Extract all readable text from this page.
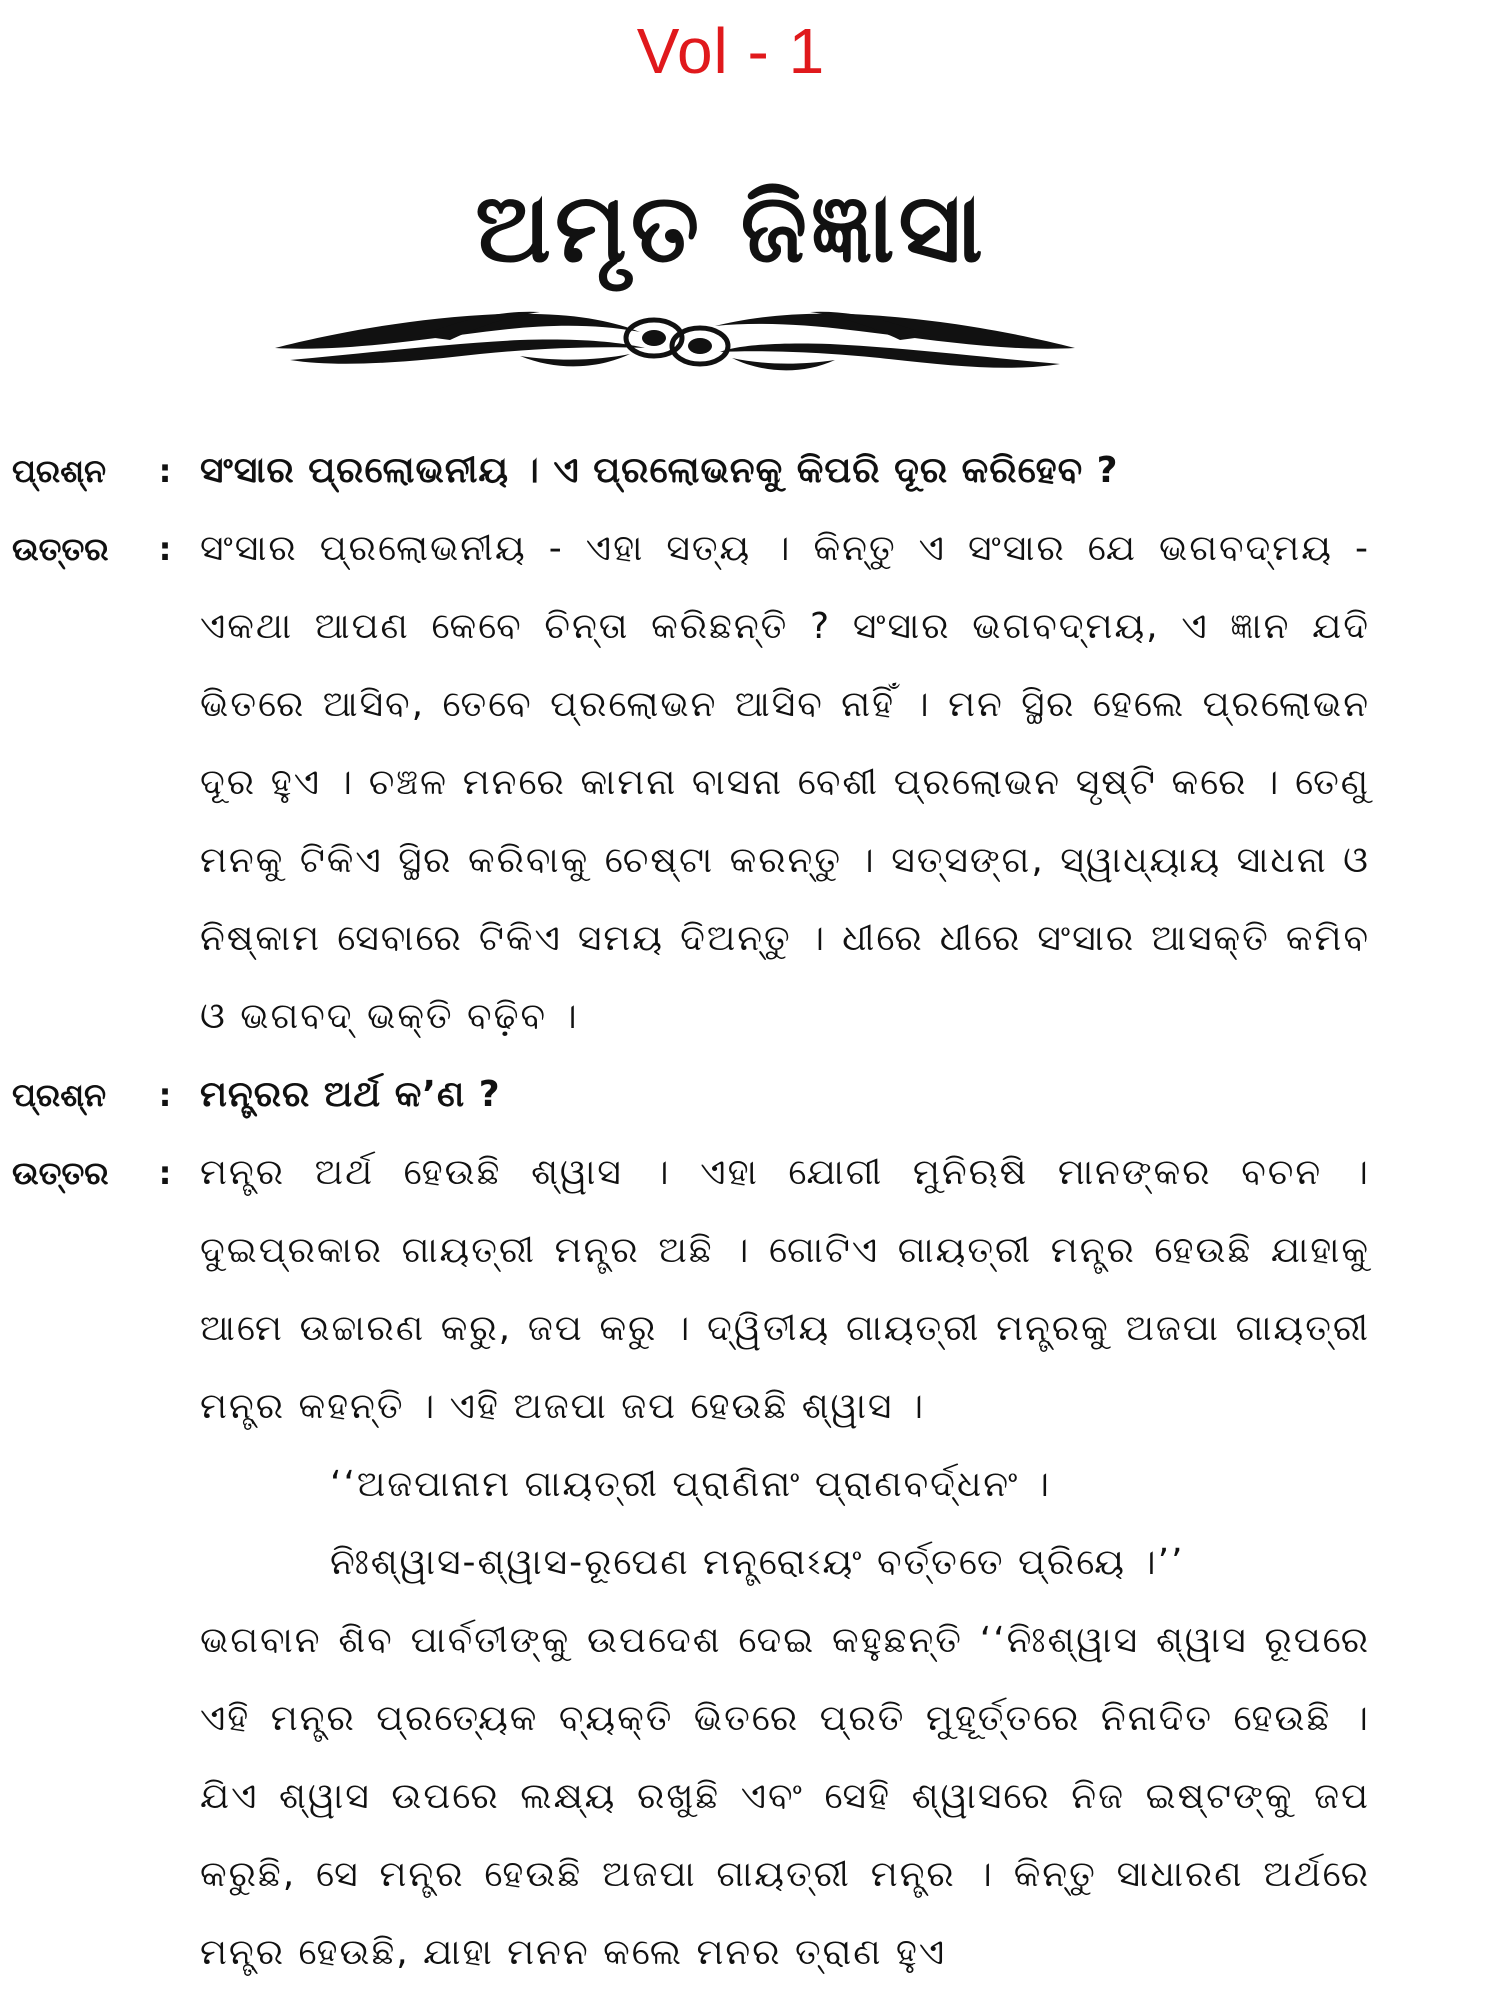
Vol - 1
ଅମୃତ ଜିଜ୍ଞାସା
ପ୍ରଶ୍ନ	: ସଂସାର ପ୍ରଲୋଭନୀୟ । ଏ ପ୍ରଲୋଭନକୁ କିପରି ଦୂର କରିହେବ ?
ଉତ୍ତର	: ସଂସାର ପ୍ରଲୋଭନୀୟ - ଏହା ସତ୍ୟ । କିନ୍ତୁ ଏ ସଂସାର ଯେ ଭଗବଦ୍‌ମୟ - ଏକଥା ଆପଣ କେବେ ଚିନ୍ତା କରିଛନ୍ତି ? ସଂସାର ଭଗବଦ୍‌ମୟ, ଏ ଜ୍ଞାନ ଯଦି ଭିତରେ ଆସିବ, ତେବେ ପ୍ରଲୋଭନ ଆସିବ ନାହିଁ । ମନ ସ୍ଥିର ହେଲେ ପ୍ରଲୋଭନ ଦୂର ହୁଏ । ଚଞ୍ଚଳ ମନରେ କାମନା ବାସନା ବେଶୀ ପ୍ରଲୋଭନ ସୃଷ୍ଟି କରେ । ତେଣୁ ମନକୁ ଟିକିଏ ସ୍ଥିର କରିବାକୁ ଚେଷ୍ଟା କରନ୍ତୁ । ସତ୍‌ସଙ୍ଗ, ସ୍ୱାଧ୍ୟାୟ ସାଧନା ଓ ନିଷ୍କାମ ସେବାରେ ଟିକିଏ ସମୟ ଦିଅନ୍ତୁ । ଧୀରେ ଧୀରେ ସଂସାର ଆସକ୍ତି କମିବ ଓ ଭଗବଦ୍ ଭକ୍ତି ବଢ଼ିବ ।
ପ୍ରଶ୍ନ	: ମନ୍ତ୍ରର ଅର୍ଥ କ’ଣ ?
ଉତ୍ତର	: ମନ୍ତ୍ର ଅର୍ଥ ହେଉଛି ଶ୍ୱାସ । ଏହା ଯୋଗୀ ମୁନିଋଷି ମାନଙ୍କର ବଚନ । ଦୁଇପ୍ରକାର ଗାୟତ୍ରୀ ମନ୍ତ୍ର ଅଛି । ଗୋଟିଏ ଗାୟତ୍ରୀ ମନ୍ତ୍ର ହେଉଛି ଯାହାକୁ ଆମେ ଉଚ୍ଚାରଣ କରୁ, ଜପ କରୁ । ଦ୍ୱିତୀୟ ଗାୟତ୍ରୀ ମନ୍ତ୍ରକୁ ଅଜପା ଗାୟତ୍ରୀ ମନ୍ତ୍ର କହନ୍ତି । ଏହି ଅଜପା ଜପ ହେଉଛି ଶ୍ୱାସ ।
‘‘ଅଜପାନାମ ଗାୟତ୍ରୀ ପ୍ରାଣିନାଂ ପ୍ରାଣବର୍ଦ୍ଧନଂ ।
ନିଃଶ୍ୱାସ-ଶ୍ୱାସ-ରୂପେଣ ମନ୍ତ୍ରୋଽୟଂ ବର୍ତ୍ତତେ ପ୍ରିୟେ ।’’
ଭଗବାନ ଶିବ ପାର୍ବତୀଙ୍କୁ ଉପଦେଶ ଦେଇ କହୁଛନ୍ତି ‘‘ନିଃଶ୍ୱାସ ଶ୍ୱାସ ରୂପରେ ଏହି ମନ୍ତ୍ର ପ୍ରତ୍ୟେକ ବ୍ୟକ୍ତି ଭିତରେ ପ୍ରତି ମୁହୂର୍ତ୍ତରେ ନିନାଦିତ ହେଉଛି । ଯିଏ ଶ୍ୱାସ ଉପରେ ଲକ୍ଷ୍ୟ ରଖୁଛି ଏବଂ ସେହି ଶ୍ୱାସରେ ନିଜ ଇଷ୍ଟଙ୍କୁ ଜପ କରୁଛି, ସେ ମନ୍ତ୍ର ହେଉଛି ଅଜପା ଗାୟତ୍ରୀ ମନ୍ତ୍ର । କିନ୍ତୁ ସାଧାରଣ ଅର୍ଥରେ ମନ୍ତ୍ର ହେଉଛି, ଯାହା ମନନ କଲେ ମନର ତ୍ରାଣ ହୁଏ
